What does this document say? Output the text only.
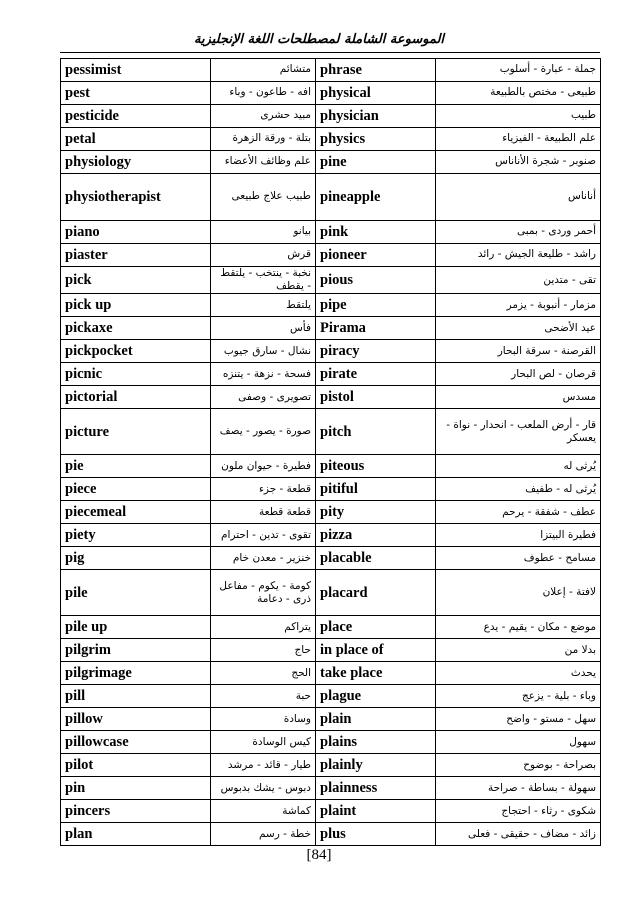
الموسوعة الشاملة لمصطلحات اللغة الإنجليزية
pessimist	متشائم	phrase	جملة - عبارة - أسلوب
pest	افه - طاعون - وباء	physical	طبيعى - مختص بالطبيعة
pesticide	مبيد حشرى	physician	طبيب
petal	بتلة - ورقة الزهرة	physics	علم الطبيعة - الفيزياء
physiology	علم وظائف الأعضاء	pine	صنوبر - شجرة الأناناس
physiotherapist	طبيب علاج طبيعى	pineapple	أناناس
piano	بيانو	pink	أحمر وردى - بمبى
piaster	قرش	pioneer	راشد - طليعة الجيش - رائد
pick	نخبة - ينتخب - يلتقط - يقطف	pious	تقى - متدين
pick up	يلتقط	pipe	مزمار - أنبوبة - يزمر
pickaxe	فأس	Pirama	عيد الأضحى
pickpocket	نشال - سارق جيوب	piracy	القرصنة - سرقة البحار
picnic	فسحة - نزهة - يتنزه	pirate	قرصان - لص البحار
pictorial	تصويرى - وصفى	pistol	مسدس
picture	صورة - يصور - يصف	pitch	قار - أرض الملعب - انحدار - نواة - يعسكر
pie	فطيرة - حيوان ملون	piteous	يُرثى له
piece	قطعة - جزء	pitiful	يُرثى له - طفيف
piecemeal	قطعة قطعة	pity	عطف - شفقة - يرحم
piety	تقوى - تدين - احترام	pizza	فطيرة البيتزا
pig	خنزير - معدن خام	placable	مسامح - عطوف
pile	كومة - يكوم - مفاعل ذرى - دعامة	placard	لافتة - إعلان
pile up	يتراكم	place	موضع - مكان - يقيم - يدع
pilgrim	حاج	in place of	بدلا من
pilgrimage	الحج	take place	يحدث
pill	حبة	plague	وباء - بلية - يزعج
pillow	وسادة	plain	سهل - مستو - واضح
pillowcase	كيس الوسادة	plains	سهول
pilot	طيار - قائد - مرشد	plainly	بصراحة - بوضوح
pin	دبوس - يشك بدبوس	plainness	سهولة - بساطة - صراحة
pincers	كماشة	plaint	شكوى - رثاء - احتجاج
plan	خطة - رسم	plus	زائد - مضاف - حقيقى - فعلى
[84]
